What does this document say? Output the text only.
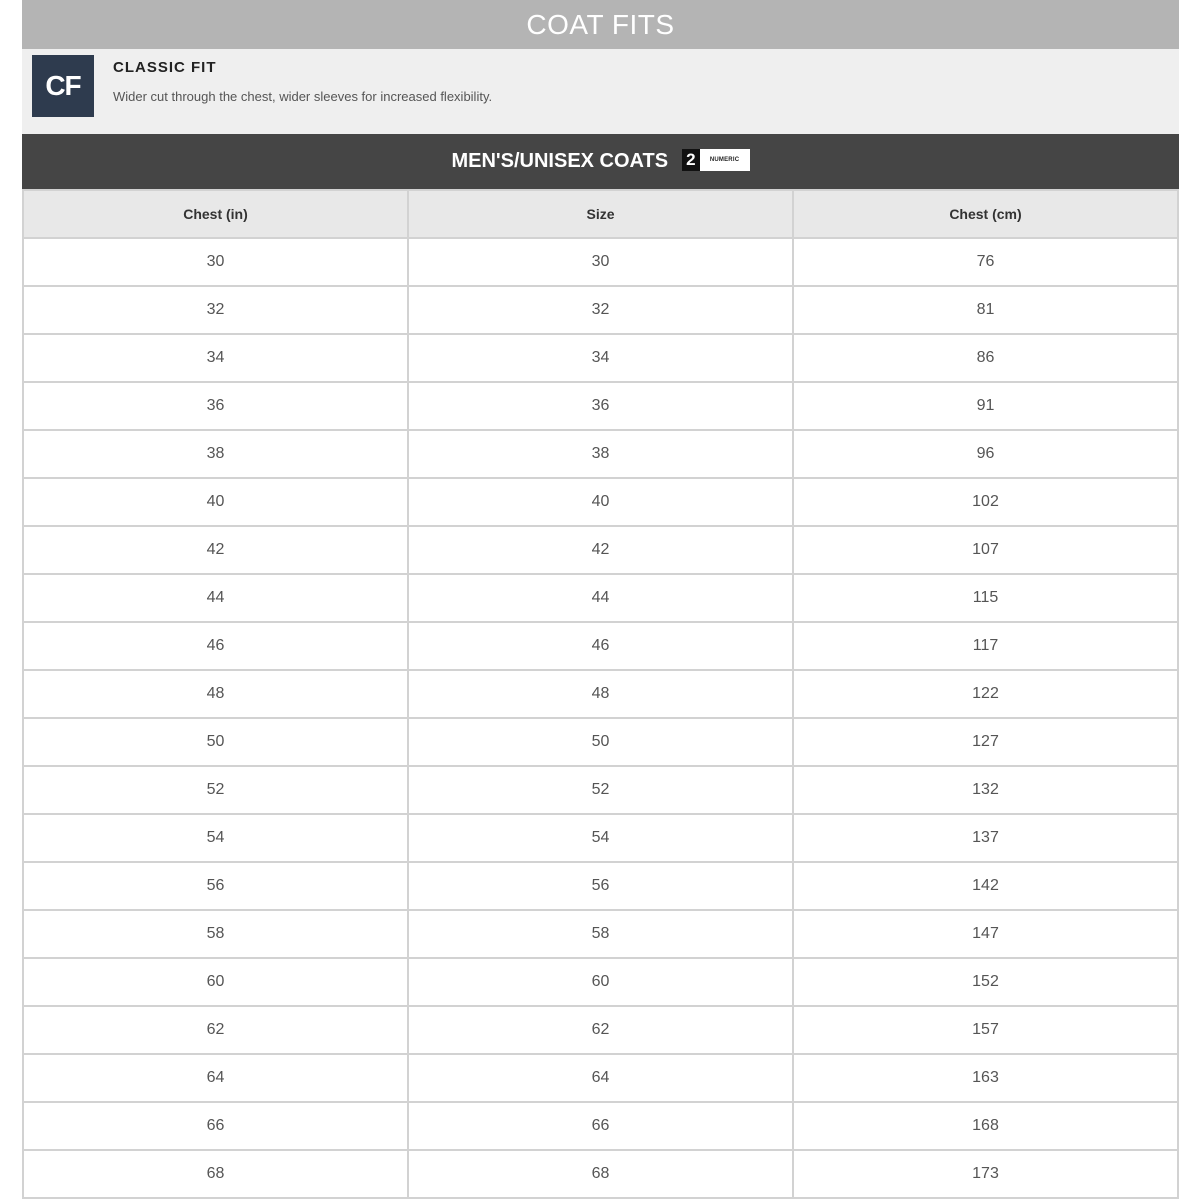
COAT FITS
CF
CLASSIC FIT
Wider cut through the chest, wider sleeves for increased flexibility.
MEN'S/UNISEX COATS 2 NUMERIC
Chest (in)	Size	Chest (cm)
30	30	76
32	32	81
34	34	86
36	36	91
38	38	96
40	40	102
42	42	107
44	44	115
46	46	117
48	48	122
50	50	127
52	52	132
54	54	137
56	56	142
58	58	147
60	60	152
62	62	157
64	64	163
66	66	168
68	68	173
